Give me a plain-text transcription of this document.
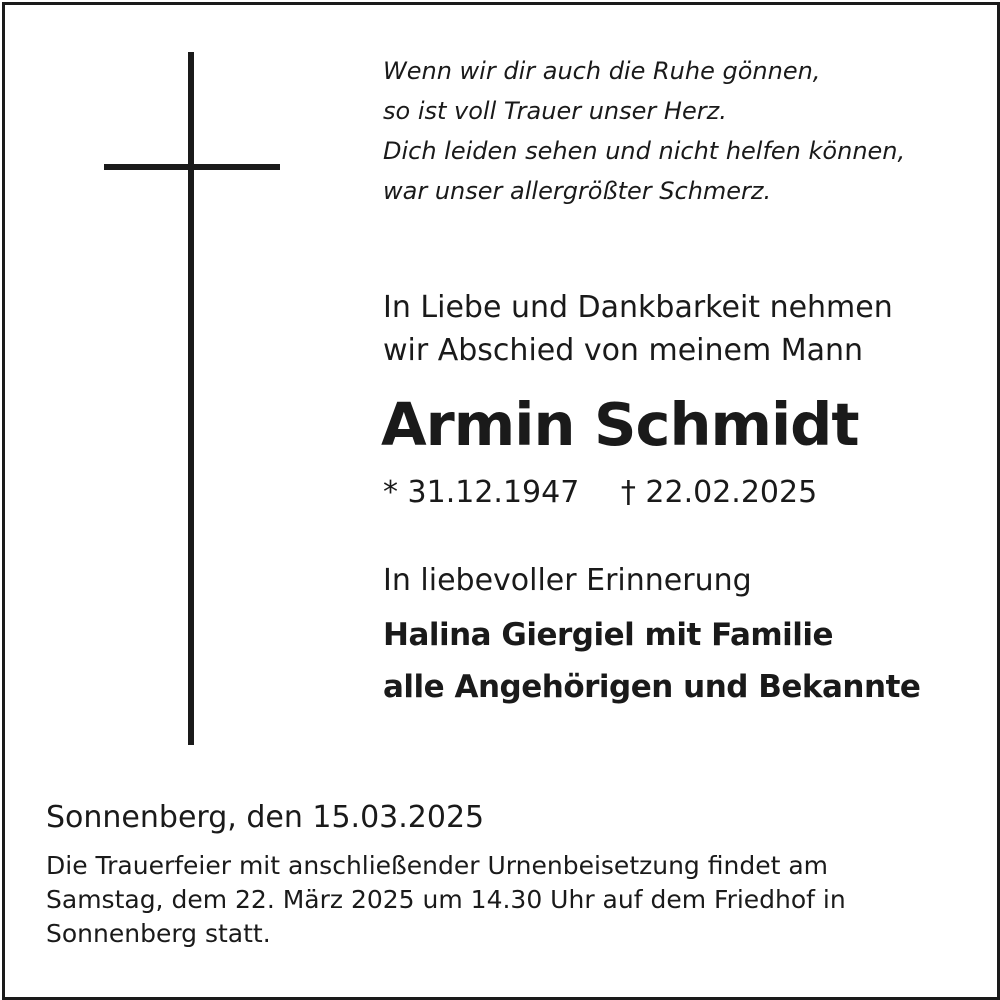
Wenn wir dir auch die Ruhe gönnen,
so ist voll Trauer unser Herz.
Dich leiden sehen und nicht helfen können,
war unser allergrößter Schmerz.
In Liebe und Dankbarkeit nehmen
wir Abschied von meinem Mann
Armin Schmidt
* 31.12.1947 † 22.02.2025
In liebevoller Erinnerung
Halina Giergiel mit Familie
alle Angehörigen und Bekannte
Sonnenberg, den 15.03.2025
Die Trauerfeier mit anschließender Urnenbeisetzung findet am
Samstag, dem 22. März 2025 um 14.30 Uhr auf dem Friedhof in
Sonnenberg statt.
